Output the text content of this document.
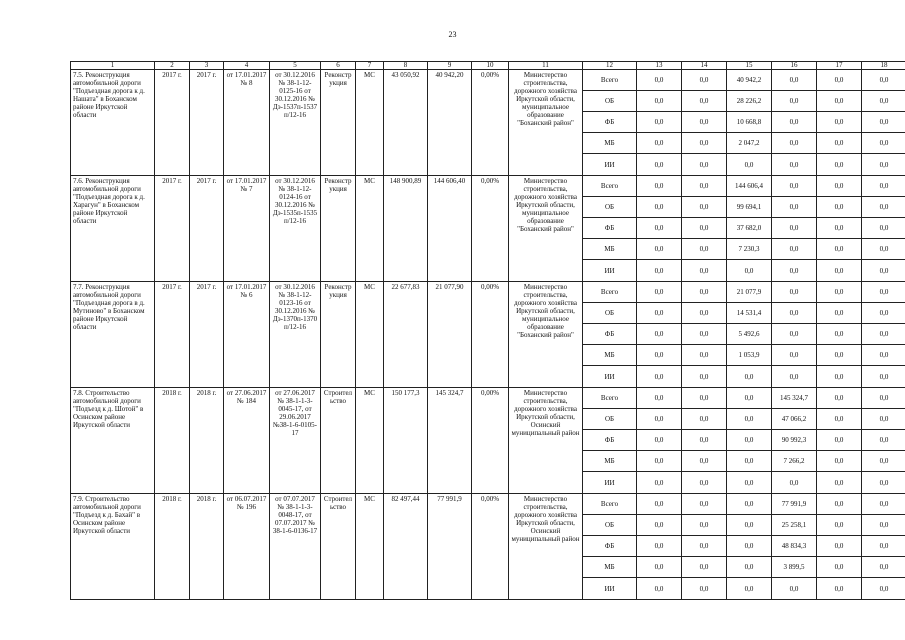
23
1	2	3	4	5	6	7	8	9	10	11	12	13	14	15	16	17	18
7.5. Реконструкция автомобильной дороги "Подъездная дорога к д. Нашата" в Боханском районе Иркутской области	2017 г.	2017 г.	от 17.01.2017 № 8	от 30.12.2016 № 38-1-12-0125-16 от 30.12.2016 № Дэ-1537п-1537п/12-16	Реконструкция	МС	43 050,92	40 942,20	0,00%	Министерство строительства, дорожного хозяйства Иркутской области, муниципальное образование "Боханский район"	Всего	0,0	0,0	40 942,2	0,0	0,0	0,0
											ОБ	0,0	0,0	28 226,2	0,0	0,0	0,0
											ФБ	0,0	0,0	10 668,8	0,0	0,0	0,0
											МБ	0,0	0,0	2 047,2	0,0	0,0	0,0
											ИИ	0,0	0,0	0,0	0,0	0,0	0,0
7.6. Реконструкция автомобильной дороги "Подъездная дорога к д. Харагун" в Боханском районе Иркутской области	2017 г.	2017 г.	от 17.01.2017 № 7	от 30.12.2016 № 38-1-12-0124-16 от 30.12.2016 № Дэ-1535п-1535п/12-16	Реконструкция	МС	148 900,89	144 606,40	0,00%	Министерство строительства, дорожного хозяйства Иркутской области, муниципальное образование "Боханский район"	Всего	0,0	0,0	144 606,4	0,0	0,0	0,0
											ОБ	0,0	0,0	99 694,1	0,0	0,0	0,0
											ФБ	0,0	0,0	37 682,0	0,0	0,0	0,0
											МБ	0,0	0,0	7 230,3	0,0	0,0	0,0
											ИИ	0,0	0,0	0,0	0,0	0,0	0,0
7.7. Реконструкция автомобильной дороги "Подъездная дорога в д. Мутиново" в Боханском районе Иркутской области	2017 г.	2017 г.	от 17.01.2017 № 6	от 30.12.2016 № 38-1-12-0123-16 от 30.12.2016 № Дэ-1370п-1370п/12-16	Реконструкция	МС	22 677,83	21 077,90	0,00%	Министерство строительства, дорожного хозяйства Иркутской области, муниципальное образование "Боханский район"	Всего	0,0	0,0	21 077,9	0,0	0,0	0,0
											ОБ	0,0	0,0	14 531,4	0,0	0,0	0,0
											ФБ	0,0	0,0	5 492,6	0,0	0,0	0,0
											МБ	0,0	0,0	1 053,9	0,0	0,0	0,0
											ИИ	0,0	0,0	0,0	0,0	0,0	0,0
7.8. Строительство автомобильной дороги "Подъезд к д. Шотой" в Осинском районе Иркутской области	2018 г.	2018 г.	от 27.06.2017 № 184	от 27.06.2017 № 38-1-1-3-0045-17, от 29.06.2017 №38-1-6-0105-17	Строительство	МС	150 177,3	145 324,7	0,00%	Министерство строительства, дорожного хозяйства Иркутской области, Осинский муниципальный район	Всего	0,0	0,0	0,0	145 324,7	0,0	0,0
											ОБ	0,0	0,0	0,0	47 066,2	0,0	0,0
											ФБ	0,0	0,0	0,0	90 992,3	0,0	0,0
											МБ	0,0	0,0	0,0	7 266,2	0,0	0,0
											ИИ	0,0	0,0	0,0	0,0	0,0	0,0
7.9. Строительство автомобильной дороги "Подъезд к д. Бахай" в Осинском районе Иркутской области	2018 г.	2018 г.	от 06.07.2017 № 196	от 07.07.2017 № 38-1-1-3-0048-17, от 07.07.2017 № 38-1-6-0136-17	Строительство	МС	82 497,44	77 991,9	0,00%	Министерство строительства, дорожного хозяйства Иркутской области, Осинский муниципальный район	Всего	0,0	0,0	0,0	77 991,9	0,0	0,0
											ОБ	0,0	0,0	0,0	25 258,1	0,0	0,0
											ФБ	0,0	0,0	0,0	48 834,3	0,0	0,0
											МБ	0,0	0,0	0,0	3 899,5	0,0	0,0
											ИИ	0,0	0,0	0,0	0,0	0,0	0,0
